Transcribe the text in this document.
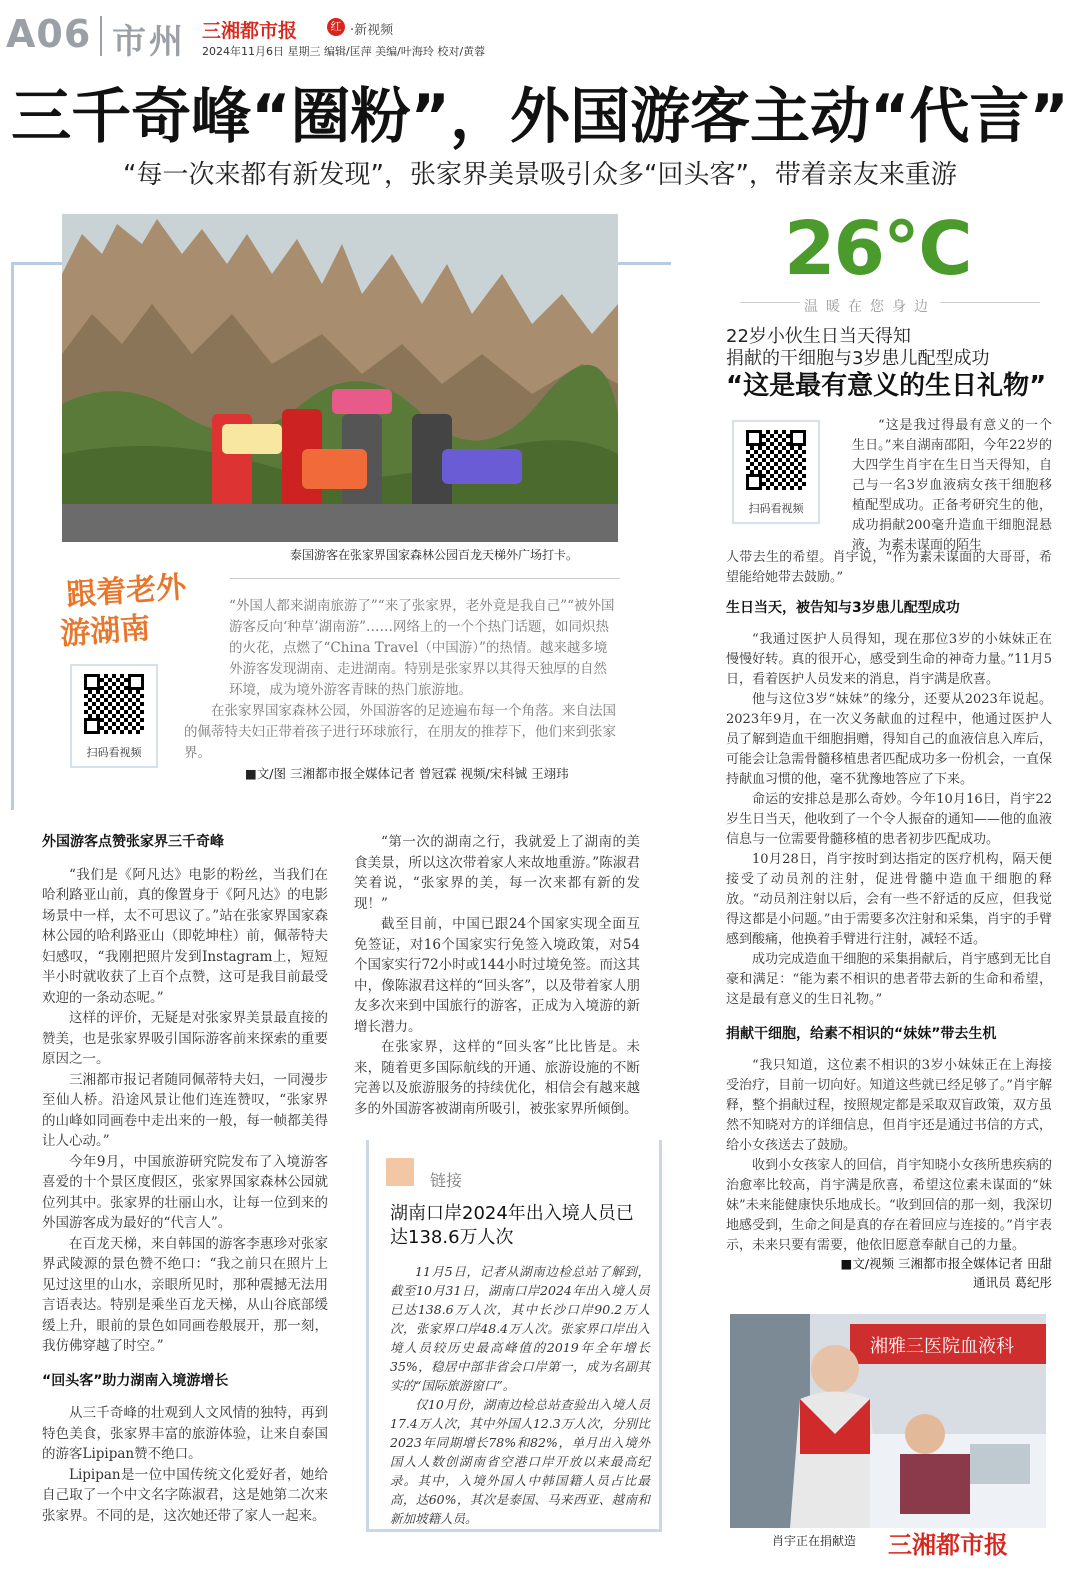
A06 市州 三湘都市报	红 ·新视频
2024年11月6日 星期三 编辑/匡萍 美编/叶海玲 校对/黄蓉
三千奇峰“圈粉”，外国游客主动“代言”
“每一次来都有新发现”，张家界美景吸引众多“回头客”，带着亲友来重游
泰国游客在张家界国家森林公园百龙天梯外广场打卡。
跟着老外
游湖南

“外国人都来湖南旅游了”“来了张家界，老外竟是我自己”“被外国游客反向‘种草’湖南游”……网络上的一个个热门话题，如同炽热的火花，点燃了“China Travel（中国游）”的热情。越来越多境外游客发现湖南、走进湖南。特别是张家界以其得天独厚的自然环境，成为境外游客青睐的热门旅游地。

在张家界国家森林公园，外国游客的足迹遍布每一个角落。来自法国的佩蒂特夫妇正带着孩子进行环球旅行，在朋友的推荐下，他们来到张家界。

扫码看视频
■文/图 三湘都市报全媒体记者 曾冠霖 视频/宋科铖 王翊玮
外国游客点赞张家界三千奇峰

“我们是《阿凡达》电影的粉丝，当我们在哈利路亚山前，真的像置身于《阿凡达》的电影场景中一样，太不可思议了。”站在张家界国家森林公园的哈利路亚山（即乾坤柱）前，佩蒂特夫妇感叹，“我刚把照片发到Instagram上，短短半小时就收获了上百个点赞，这可是我目前最受欢迎的一条动态呢。”

这样的评价，无疑是对张家界美景最直接的赞美，也是张家界吸引国际游客前来探索的重要原因之一。

三湘都市报记者随同佩蒂特夫妇，一同漫步至仙人桥。沿途风景让他们连连赞叹，“张家界的山峰如同画卷中走出来的一般，每一帧都美得让人心动。”

今年9月，中国旅游研究院发布了入境游客喜爱的十个景区度假区，张家界国家森林公园就位列其中。张家界的壮丽山水，让每一位到来的外国游客成为最好的“代言人”。

在百龙天梯，来自韩国的游客李惠珍对张家界武陵源的景色赞不绝口：“我之前只在照片上见过这里的山水，亲眼所见时，那种震撼无法用言语表达。特别是乘坐百龙天梯，从山谷底部缓缓上升，眼前的景色如同画卷般展开，那一刻，我仿佛穿越了时空。”

“回头客”助力湖南入境游增长

从三千奇峰的壮观到人文风情的独特，再到特色美食，张家界丰富的旅游体验，让来自泰国的游客Lipipan赞不绝口。

Lipipan是一位中国传统文化爱好者，她给自己取了一个中文名字陈淑君，这是她第二次来张家界。不同的是，这次她还带了家人一起来。

“第一次的湖南之行，我就爱上了湖南的美食美景，所以这次带着家人来故地重游。”陈淑君笑着说，“张家界的美，每一次来都有新的发现！”

截至目前，中国已跟24个国家实现全面互免签证，对16个国家实行免签入境政策，对54个国家实行72小时或144小时过境免签。而这其中，像陈淑君这样的“回头客”，以及带着家人朋友多次来到中国旅行的游客，正成为入境游的新增长潜力。

在张家界，这样的“回头客”比比皆是。未来，随着更多国际航线的开通、旅游设施的不断完善以及旅游服务的持续优化，相信会有越来越多的外国游客被湖南所吸引，被张家界所倾倒。

链接
湖南口岸2024年出入境人员已达138.6万人次

11月5日，记者从湖南边检总站了解到，截至10月31日，湖南口岸2024年出入境人员已达138.6万人次，其中长沙口岸90.2万人次，张家界口岸48.4万人次。张家界口岸出入境人员较历史最高峰值的2019年全年增长35%，稳居中部非省会口岸第一，成为名副其实的“国际旅游窗口”。

仅10月份，湖南边检总站查验出入境人员17.4万人次，其中外国人12.3万人次，分别比2023年同期增长78%和82%，单月出入境外国人人数创湖南省空港口岸开放以来最高纪录。其中，入境外国人中韩国籍人员占比最高，达60%，其次是泰国、马来西亚、越南和新加坡籍人员。

26℃
温暖在您身边
22岁小伙生日当天得知
捐献的干细胞与3岁患儿配型成功
“这是最有意义的生日礼物”
扫码看视频

“这是我过得最有意义的一个生日。”来自湖南邵阳，今年22岁的大四学生肖宇在生日当天得知，自己与一名3岁血液病女孩干细胞移植配型成功。正备考研究生的他，成功捐献200毫升造血干细胞混悬液，为素未谋面的陌生

人带去生的希望。肖宇说，“作为素未谋面的大哥哥，希望能给她带去鼓励。”
生日当天，被告知与3岁患儿配型成功

“我通过医护人员得知，现在那位3岁的小妹妹正在慢慢好转。真的很开心，感受到生命的神奇力量。”11月5日，看着医护人员发来的消息，肖宇满是欣喜。

他与这位3岁“妹妹”的缘分，还要从2023年说起。2023年9月，在一次义务献血的过程中，他通过医护人员了解到造血干细胞捐赠，得知自己的血液信息入库后，可能会让急需骨髓移植患者匹配成功多一份机会，一直保持献血习惯的他，毫不犹豫地答应了下来。

命运的安排总是那么奇妙。今年10月16日，肖宇22岁生日当天，他收到了一个令人振奋的通知——他的血液信息与一位需要骨髓移植的患者初步匹配成功。

10月28日，肖宇按时到达指定的医疗机构，隔天便接受了动员剂的注射，促进骨髓中造血干细胞的释放。“动员剂注射以后，会有一些不舒适的反应，但我觉得这都是小问题。”由于需要多次注射和采集，肖宇的手臂感到酸痛，他换着手臂进行注射，减轻不适。

成功完成造血干细胞的采集捐献后，肖宇感到无比自豪和满足：“能为素不相识的患者带去新的生命和希望，这是最有意义的生日礼物。”

捐献干细胞，给素不相识的“妹妹”带去生机

“我只知道，这位素不相识的3岁小妹妹正在上海接受治疗，目前一切向好。知道这些就已经足够了。”肖宇解释，整个捐献过程，按照规定都是采取双盲政策，双方虽然不知晓对方的详细信息，但肖宇还是通过书信的方式，给小女孩送去了鼓励。

收到小女孩家人的回信，肖宇知晓小女孩所患疾病的治愈率比较高，肖宇满是欣喜，希望这位素未谋面的“妹妹”未来能健康快乐地成长。“收到回信的那一刻，我深切地感受到，生命之间是真的存在着回应与连接的。”肖宇表示，未来只要有需要，他依旧愿意奉献自己的力量。

■文/视频 三湘都市报全媒体记者 田甜
通讯员 葛纪彤
湘雅三医院血液科
肖宇正在捐献造 三湘都市报
